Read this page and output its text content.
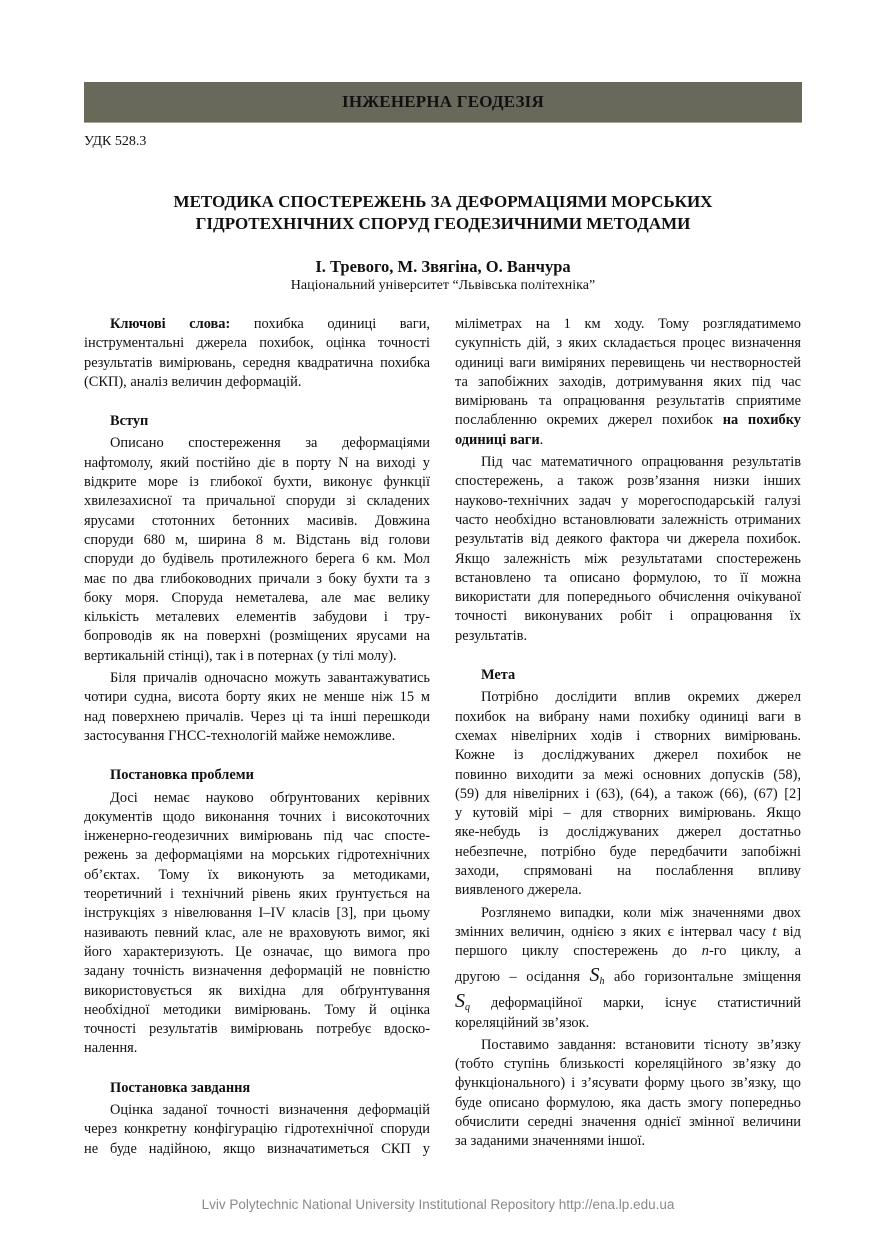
ІНЖЕНЕРНА ГЕОДЕЗІЯ
УДК 528.3
МЕТОДИКА СПОСТЕРЕЖЕНЬ ЗА ДЕФОРМАЦІЯМИ МОРСЬКИХ
ГІДРОТЕХНІЧНИХ СПОРУД ГЕОДЕЗИЧНИМИ МЕТОДАМИ
І. Тревого, М. Звягіна, О. Ванчура
Національний університет “Львівська політехніка”
Ключові слова: похибка одиниці ваги,
інструментальні джерела похибок, оцінка точності
результатів вимірювань, середня квадратична похибка
(СКП), аналіз величин деформацій.
Вступ
Описано спостереження за деформаціями
нафтомолу, який постійно діє в порту N на виході у
відкрите море із глибокої бухти, виконує функції
хвилезахисної та причальної споруди зі складених
ярусами стотонних бетонних масивів. Довжина
споруди 680 м, ширина 8 м. Відстань від голови
споруди до будівель протилежного берега 6 км. Мол
має по два глибоководних причали з боку бухти та з
боку моря. Споруда неметалева, але має велику
кількість металевих елементів забудови і тру-
бопроводів як на поверхні (розміщених ярусами на
вертикальній стінці), так і в потернах (у тілі молу).
Біля причалів одночасно можуть завантажуватись
чотири судна, висота борту яких не менше ніж 15 м
над поверхнею причалів. Через ці та інші перешкоди
застосування ГНСС-технологій майже неможливе.
Постановка проблеми
Досі немає науково обґрунтованих керівних
документів щодо виконання точних і високоточних
інженерно-геодезичних вимірювань під час спосте-
режень за деформаціями на морських гідротехнічних
об’єктах. Тому їх виконують за методиками,
теоретичний і технічний рівень яких ґрунтується на
інструкціях з нівелювання I–IV класів [3], при цьому
називають певний клас, але не враховують вимог, які
його характеризують. Це означає, що вимога про
задану точність визначення деформацій не повністю
використовується як вихідна для обґрунтування
необхідної методики вимірювань. Тому й оцінка
точності результатів вимірювань потребує вдоско-
налення.
Постановка завдання
Оцінка заданої точності визначення деформацій
через конкретну конфігурацію гідротехнічної споруди
не буде надійною, якщо визначатиметься СКП у
міліметрах на 1 км ходу. Тому розглядатимемо
сукупність дій, з яких складається процес визначення
одиниці ваги виміряних перевищень чи нестворностей
та запобіжних заходів, дотримування яких під час
вимірювань та опрацювання результатів сприятиме
послабленню окремих джерел похибок на похибку
одиниці ваги.
Під час математичного опрацювання результатів
спостережень, а також розв’язання низки інших
науково-технічних задач у морегосподарській галузі
часто необхідно встановлювати залежність отриманих
результатів від деякого фактора чи джерела похибок.
Якщо залежність між результатами спостережень
встановлено та описано формулою, то її можна
використати для попереднього обчислення очікуваної
точності виконуваних робіт і опрацювання їх
результатів.
Мета
Потрібно дослідити вплив окремих джерел
похибок на вибрану нами похибку одиниці ваги в
схемах нівелірних ходів і створних вимірювань.
Кожне із досліджуваних джерел похибок не
повинно виходити за межі основних допусків (58),
(59) для нівелірних і (63), (64), а також (66), (67) [2]
у кутовій мірі – для створних вимірювань. Якщо
яке-небудь із досліджуваних джерел достатньо
небезпечне, потрібно буде передбачити запобіжні
заходи, спрямовані на послаблення впливу
виявленого джерела.
Розглянемо випадки, коли між значеннями двох
змінних величин, однією з яких є інтервал часу t від
першого циклу спостережень до n-го циклу, а
другою – осідання $S_h$ або горизонтальне зміщення
$S_q$ деформаційної марки, існує статистичний
кореляційний зв’язок.
Поставимо завдання: встановити тісноту зв’язку
(тобто ступінь близькості кореляційного зв’язку до
функціонального) і з’ясувати форму цього зв’язку, що
буде описано формулою, яка дасть змогу попередньо
обчислити середні значення однієї змінної величини
за заданими значеннями іншої.
Lviv Polytechnic National University Institutional Repository http://ena.lp.edu.ua
